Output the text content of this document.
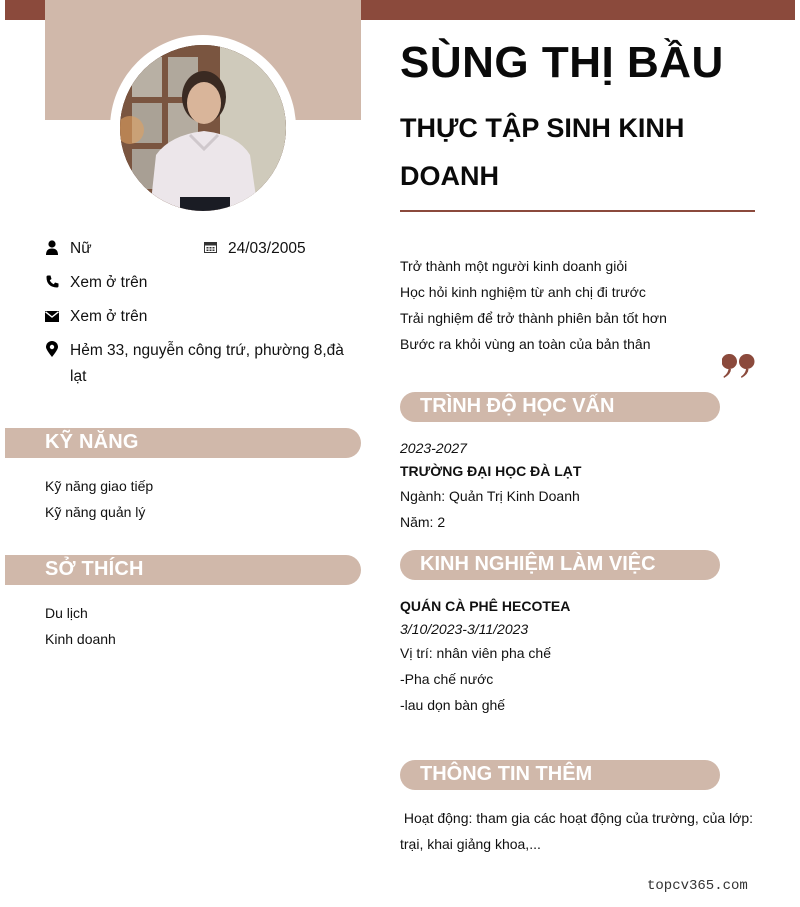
Nữ	24/03/2005
Xem ở trên
Xem ở trên
Hẻm 33, nguyễn công trứ, phường 8,đà lạt
KỸ NĂNG
Kỹ năng giao tiếp
Kỹ năng quản lý
SỞ THÍCH
Du lịch
Kinh doanh
SÙNG THỊ BẦU
THỰC TẬP SINH KINH DOANH
Trở thành một người kinh doanh giỏi
Học hỏi kinh nghiệm từ anh chị đi trước
Trải nghiệm để trở thành phiên bản tốt hơn
Bước ra khỏi vùng an toàn của bản thân
TRÌNH ĐỘ HỌC VẤN
2023-2027
TRƯỜNG ĐẠI HỌC ĐÀ LẠT
Ngành: Quản Trị Kinh Doanh
Năm: 2
KINH NGHIỆM LÀM VIỆC
QUÁN CÀ PHÊ HECOTEA
3/10/2023-3/11/2023
Vị trí: nhân viên pha chế
-Pha chế nước
-lau dọn bàn ghế
THÔNG TIN THÊM
Hoạt động: tham gia các hoạt động của trường, của lớp: trại, khai giảng khoa,...
topcv365.com
